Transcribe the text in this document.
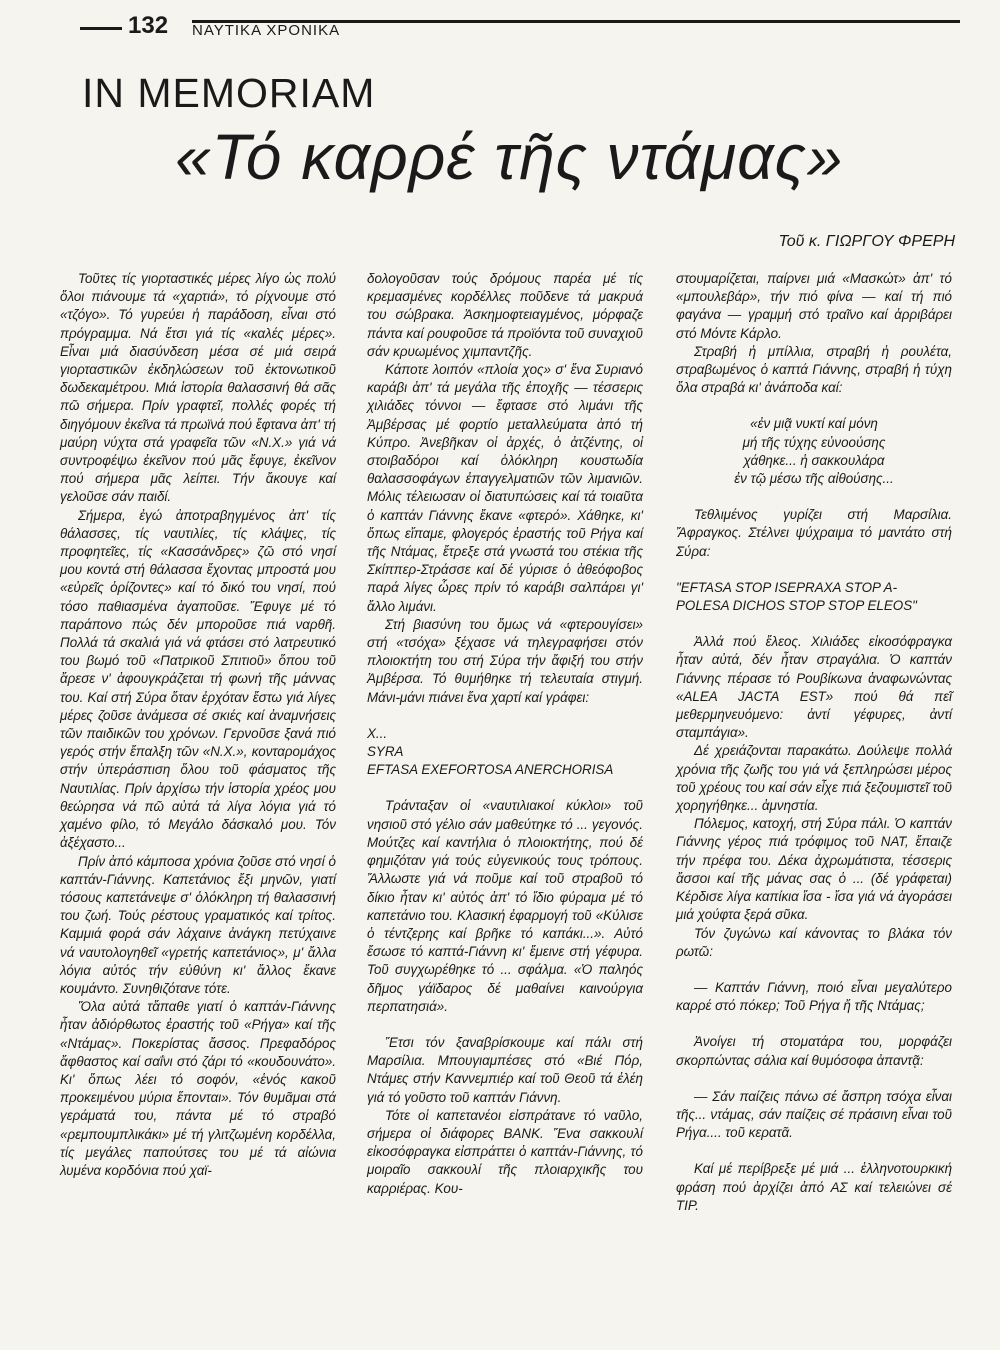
132 ΝΑΥΤΙΚΑ ΧΡΟΝΙΚΑ
IN MEMORIAM
«Τό καρρέ τῆς ντάμας»
Τοῦ κ. ΓΙΩΡΓΟΥ ΦΡΕΡΗ

Τοῦτες τίς γιορταστικές μέρες λίγο ὡς πολύ ὅλοι πιάνουμε τά «χαρτιά», τό ρίχνουμε στό «τζόγο». Τό γυρεύει ἡ παράδοση, εἶναι στό πρόγραμμα. Νά ἔτσι γιά τίς «καλές μέρες». Εἶναι μιά διασύνδεση μέσα σέ μιά σειρά γιορταστικῶν ἐκδηλώσεων τοῦ ἐκτονωτικοῦ δωδεκαμέτρου. Μιά ἱστορία θαλασσινή θά σᾶς πῶ σήμερα. Πρίν γραφτεῖ, πολλές φορές τή διηγόμουν ἐκεῖνα τά πρωϊνά πού ἔφταvα ἀπ' τή μαύρη νύχτα στά γραφεῖα τῶν «Ν.Χ.» γιά νά συντροφέψω ἐκεῖνον πού μᾶς ἔφυγε, ἐκεῖνον πού σήμερα μᾶς λείπει. Τήν ἄκουγε καί γελοῦσε σάν παιδί.

Σήμερα, ἐγώ ἀποτραβηγμένος ἀπ' τίς θάλασσες, τίς ναυτιλίες, τίς κλάψες, τίς προφητεῖες, τίς «Κασσάνδρες» ζῶ στό νησί μου κοντά στή θάλασσα ἔχοντας μπροστά μου «εὐρεῖς ὁρίζοντες» καί τό δικό του νησί, πού τόσο παθιασμένα ἀγαποῦσε. Ἔφυγε μέ τό παράπονο πώς δέν μποροῦσε πιά ναρθῆ. Πολλά τά σκαλιά γιά νά φτάσει στό λατρευτικό του βωμό τοῦ «Πατρικοῦ Σπιτιοῦ» ὅπου τοῦ ἄρεσε ν' ἀφουγκράζεται τή φωνή τῆς μάννας του. Καί στή Σύρα ὅταν ἐρχόταν ἔστω γιά λίγες μέρες ζοῦσε ἀνάμεσα σέ σκιές καί ἀναμνήσεις τῶν παιδικῶν του χρόνων. Γερνοῦσε ξανά πιό γερός στήν ἔπαλξη τῶν «Ν.Χ.», κονταρομάχος στήν ὑπεράσπιση ὅλου τοῦ φάσματος τῆς Ναυτιλίας. Πρίν ἀρχίσω τήν ἱστορία χρέος μου θεώρησα νά πῶ αὐτά τά λίγα λόγια γιά τό χαμένο φίλο, τό Μεγάλο δάσκαλό μου. Τόν ἀξέχαστο...

Πρίν ἀπό κάμποσα χρόνια ζοῦσε στό νησί ὁ καπτάν-Γιάννης. Καπετάνιος ἔξι μηνῶν, γιατί τόσους καπετάνεψε σ' ὁλόκληρη τή θαλασσινή του ζωή. Τούς ρέστους γραματικός καί τρίτος. Καμμιά φορά σάν λάχαινε ἀνάγκη πετύχαινε νά ναυτολογηθεῖ «γρετής καπετάνιος», μ' ἄλλα λόγια αὐτός τήν εὐθύνη κι' ἄλλος ἔκανε κουμάντο. Συνηθιζότανε τότε.

Ὅλα αὐτά τἄπαθε γιατί ὁ καπτάν-Γιάννης ἦταν ἀδιόρθωτος ἐραστής τοῦ «Ρήγα» καί τῆς «Ντάμας». Ποκερίστας ἄσσος. Πρεφαδόρος ἄφθαστος καί σαΐνι στό ζάρι τό «κουδουνάτο». Κι' ὅπως λέει τό σοφόν, «ἑνός κακοῦ προκειμένου μύρια ἕπονται». Τόν θυμᾶμαι στά γεράματά του, πάντα μέ τό στραβό «ρεμπουμπλικάκι» μέ τή γλιτζωμένη κορδέλλα, τίς μεγάλες παπούτσες του μέ τά αἰώνια λυμένα κορδόνια πού χαϊ-

δολογοῦσαν τούς δρόμους παρέα μέ τίς κρεμασμένες κορδέλλες ποῦδενε τά μακρυά του σώβρακα. Ἀσκημοφτειαγμένος, μόρφαζε πάντα καί ρουφοῦσε τά προϊόντα τοῦ συναχιοῦ σάν κρυωμένος χιμπαντζῆς.

Κάποτε λοιπόν «πλοία χος» σ' ἕνα Συριανό καράβι ἀπ' τά μεγάλα τῆς ἐποχῆς — τέσσερις χιλιάδες τόννοι — ἔφτασε στό λιμάνι τῆς Ἀμβέρσας μέ φορτίο μεταλλεύματα ἀπό τή Κύπρο. Ἀνεβῆκαν οἱ ἀρχές, ὁ ἀτζέντης, οἱ στοιβαδόροι καί ὁλόκληρη κουστωδία θαλασσοφάγων ἐπαγγελματιῶν τῶν λιμανιῶν. Μόλις τέλειωσαν οἱ διατυπώσεις καί τά τοιαῦτα ὁ καπτάν Γιάννης ἔκανε «φτερό». Χάθηκε, κι' ὅπως εἴπαμε, φλογερός ἐραστής τοῦ Ρήγα καί τῆς Ντάμας, ἔτρεξε στά γνωστά του στέκια τῆς Σκίππερ-Στράσσε καί δέ γύρισε ὁ ἀθεόφοβος παρά λίγες ὧρες πρίν τό καράβι σαλπάρει γι' ἄλλο λιμάνι.

Στή βιασύνη του ὅμως νά «φτερουγίσει» στή «τσόχα» ξέχασε νά τηλεγραφήσει στόν πλοιοκτήτη του στή Σύρα τήν ἄφιξή του στήν Ἀμβέρσα. Τό θυμήθηκε τή τελευταία στιγμή. Μάνι-μάνι πιάνει ἕνα χαρτί καί γράφει:

Χ...

SYRA

EFTASA EXEFORTOSA ANERCHORISA

Τράνταξαν οἱ «ναυτιλιακοί κύκλοι» τοῦ νησιοῦ στό γέλιο σάν μαθεύτηκε τό ... γεγονός. Μούτζες καί καντήλια ὁ πλοιοκτήτης, πού δέ φημιζόταν γιά τούς εὐγενικούς τους τρόπους. Ἄλλωστε γιά νά ποῦμε καί τοῦ στραβοῦ τό δίκιο ἦταν κι' αὐτός ἀπ' τό ἴδιο φύραμα μέ τό καπετάνιο του. Κλασική ἐφαρμογή τοῦ «Κύλισε ὁ τέντζερης καί βρῆκε τό καπάκι...». Αὐτό ἔσωσε τό καπτά-Γιάννη κι' ἔμεινε στή γέφυρα. Τοῦ συγχωρέθηκε τό ... σφάλμα. «Ὁ παληός δῆμος γάϊδαρος δέ μαθαίνει καινούργια περπατησιά».

Ἔτσι τόν ξαναβρίσκουμε καί πάλι στή Μαρσίλια. Μπουγιαμπέσες στό «Βιέ Πόρ, Ντάμες στήν Καννεμπιέρ καί τοῦ Θεοῦ τά ἐλέη γιά τό γοῦστο τοῦ καπτάν Γιάννη.

Τότε οἱ καπετανέοι εἰσπράτανε τό ναῦλο, σήμερα οἱ διάφορες BANK. Ἕνα σακκουλί εἰκοσόφραγκα εἰσπράττει ὁ καπτάν-Γιάννης, τό μοιραῖο σακκουλί τῆς πλοιαρχικῆς του καρριέρας. Κου-

στουμαρίζεται, παίρνει μιά «Μασκώτ» ἀπ' τό «μπουλεβάρ», τήν πιό φίνα — καί τή πιό φαγάνα — γραμμή στό τραῖνο καί ἀρριβάρει στό Μόντε Κάρλο.

Στραβή ἡ μπίλλια, στραβή ἡ ρουλέτα, στραβωμένος ὁ καπτά Γιάννης, στραβή ἡ τύχη ὅλα στραβά κι' ἀνάποδα καί:

«ἐν μιᾷ νυκτί καί μόνη

μή τῆς τύχης εὐνοούσης

χάθηκε... ἡ σακκουλάρα

ἐν τῷ μέσω τῆς αἰθούσης...

Τεθλιμένος γυρίζει στή Μαρσίλια. Ἄφραγκος. Στέλνει ψύχραιμα τό μαντάτο στή Σύρα:

"EFTASA STOP ISEPRAXA STOP A-

POLESA DICHOS STOP STOP ELEOS"

Ἀλλά πού ἔλεος. Χιλιάδες εἰκοσόφραγκα ἦταν αὐτά, δέν ἦταν στραγάλια. Ὁ καπτάν Γιάννης πέρασε τό Ρουβίκωνα ἀναφωνώντας «ALEA JACTA EST» πού θά πεῖ μεθερμηνευόμενο: ἀντί γέφυρες, ἀντί σταμπάγια».

Δέ χρειάζονται παρακάτω. Δούλεψε πολλά χρόνια τῆς ζωῆς του γιά νά ξεπληρώσει μέρος τοῦ χρέους του καί σάν εἶχε πιά ξεζουμιστεῖ τοῦ χορηγήθηκε... ἀμνηστία.

Πόλεμος, κατοχή, στή Σύρα πάλι. Ὁ καπτάν Γιάννης γέρος πιά τρόφιμος τοῦ ΝΑΤ, ἔπαιζε τήν πρέφα του. Δέκα ἀχρωμάτιστα, τέσσερις ἄσσοι καί τῆς μάνας σας ὁ ... (δέ γράφεται) Κέρδισε λίγα καπίκια ἴσα - ἴσα γιά νά ἀγοράσει μιά χούφτα ξερά σῦκα.

Τόν ζυγώνω καί κάνοντας το βλάκα τόν ρωτῶ:

— Καπτάν Γιάννη, ποιό εἶναι μεγαλύτερο καρρέ στό πόκερ; Τοῦ Ρήγα ἤ τῆς Ντάμας;

Ἀνοίγει τή στοματάρα του, μορφάζει σκορπώντας σάλια καί θυμόσοφα ἀπαντᾷ:

— Σάν παίζεις πάνω σέ ἄσπρη τσόχα εἶναι τῆς... ντάμας, σάν παίζεις σέ πράσινη εἶναι τοῦ Ρήγα.... τοῦ κερατᾶ.

Καί μέ περίβρεξε μέ μιά ... ἑλληνοτουρκική φράση πού ἀρχίζει ἀπό ΑΣ καί τελειώνει σέ ΤΙΡ.
